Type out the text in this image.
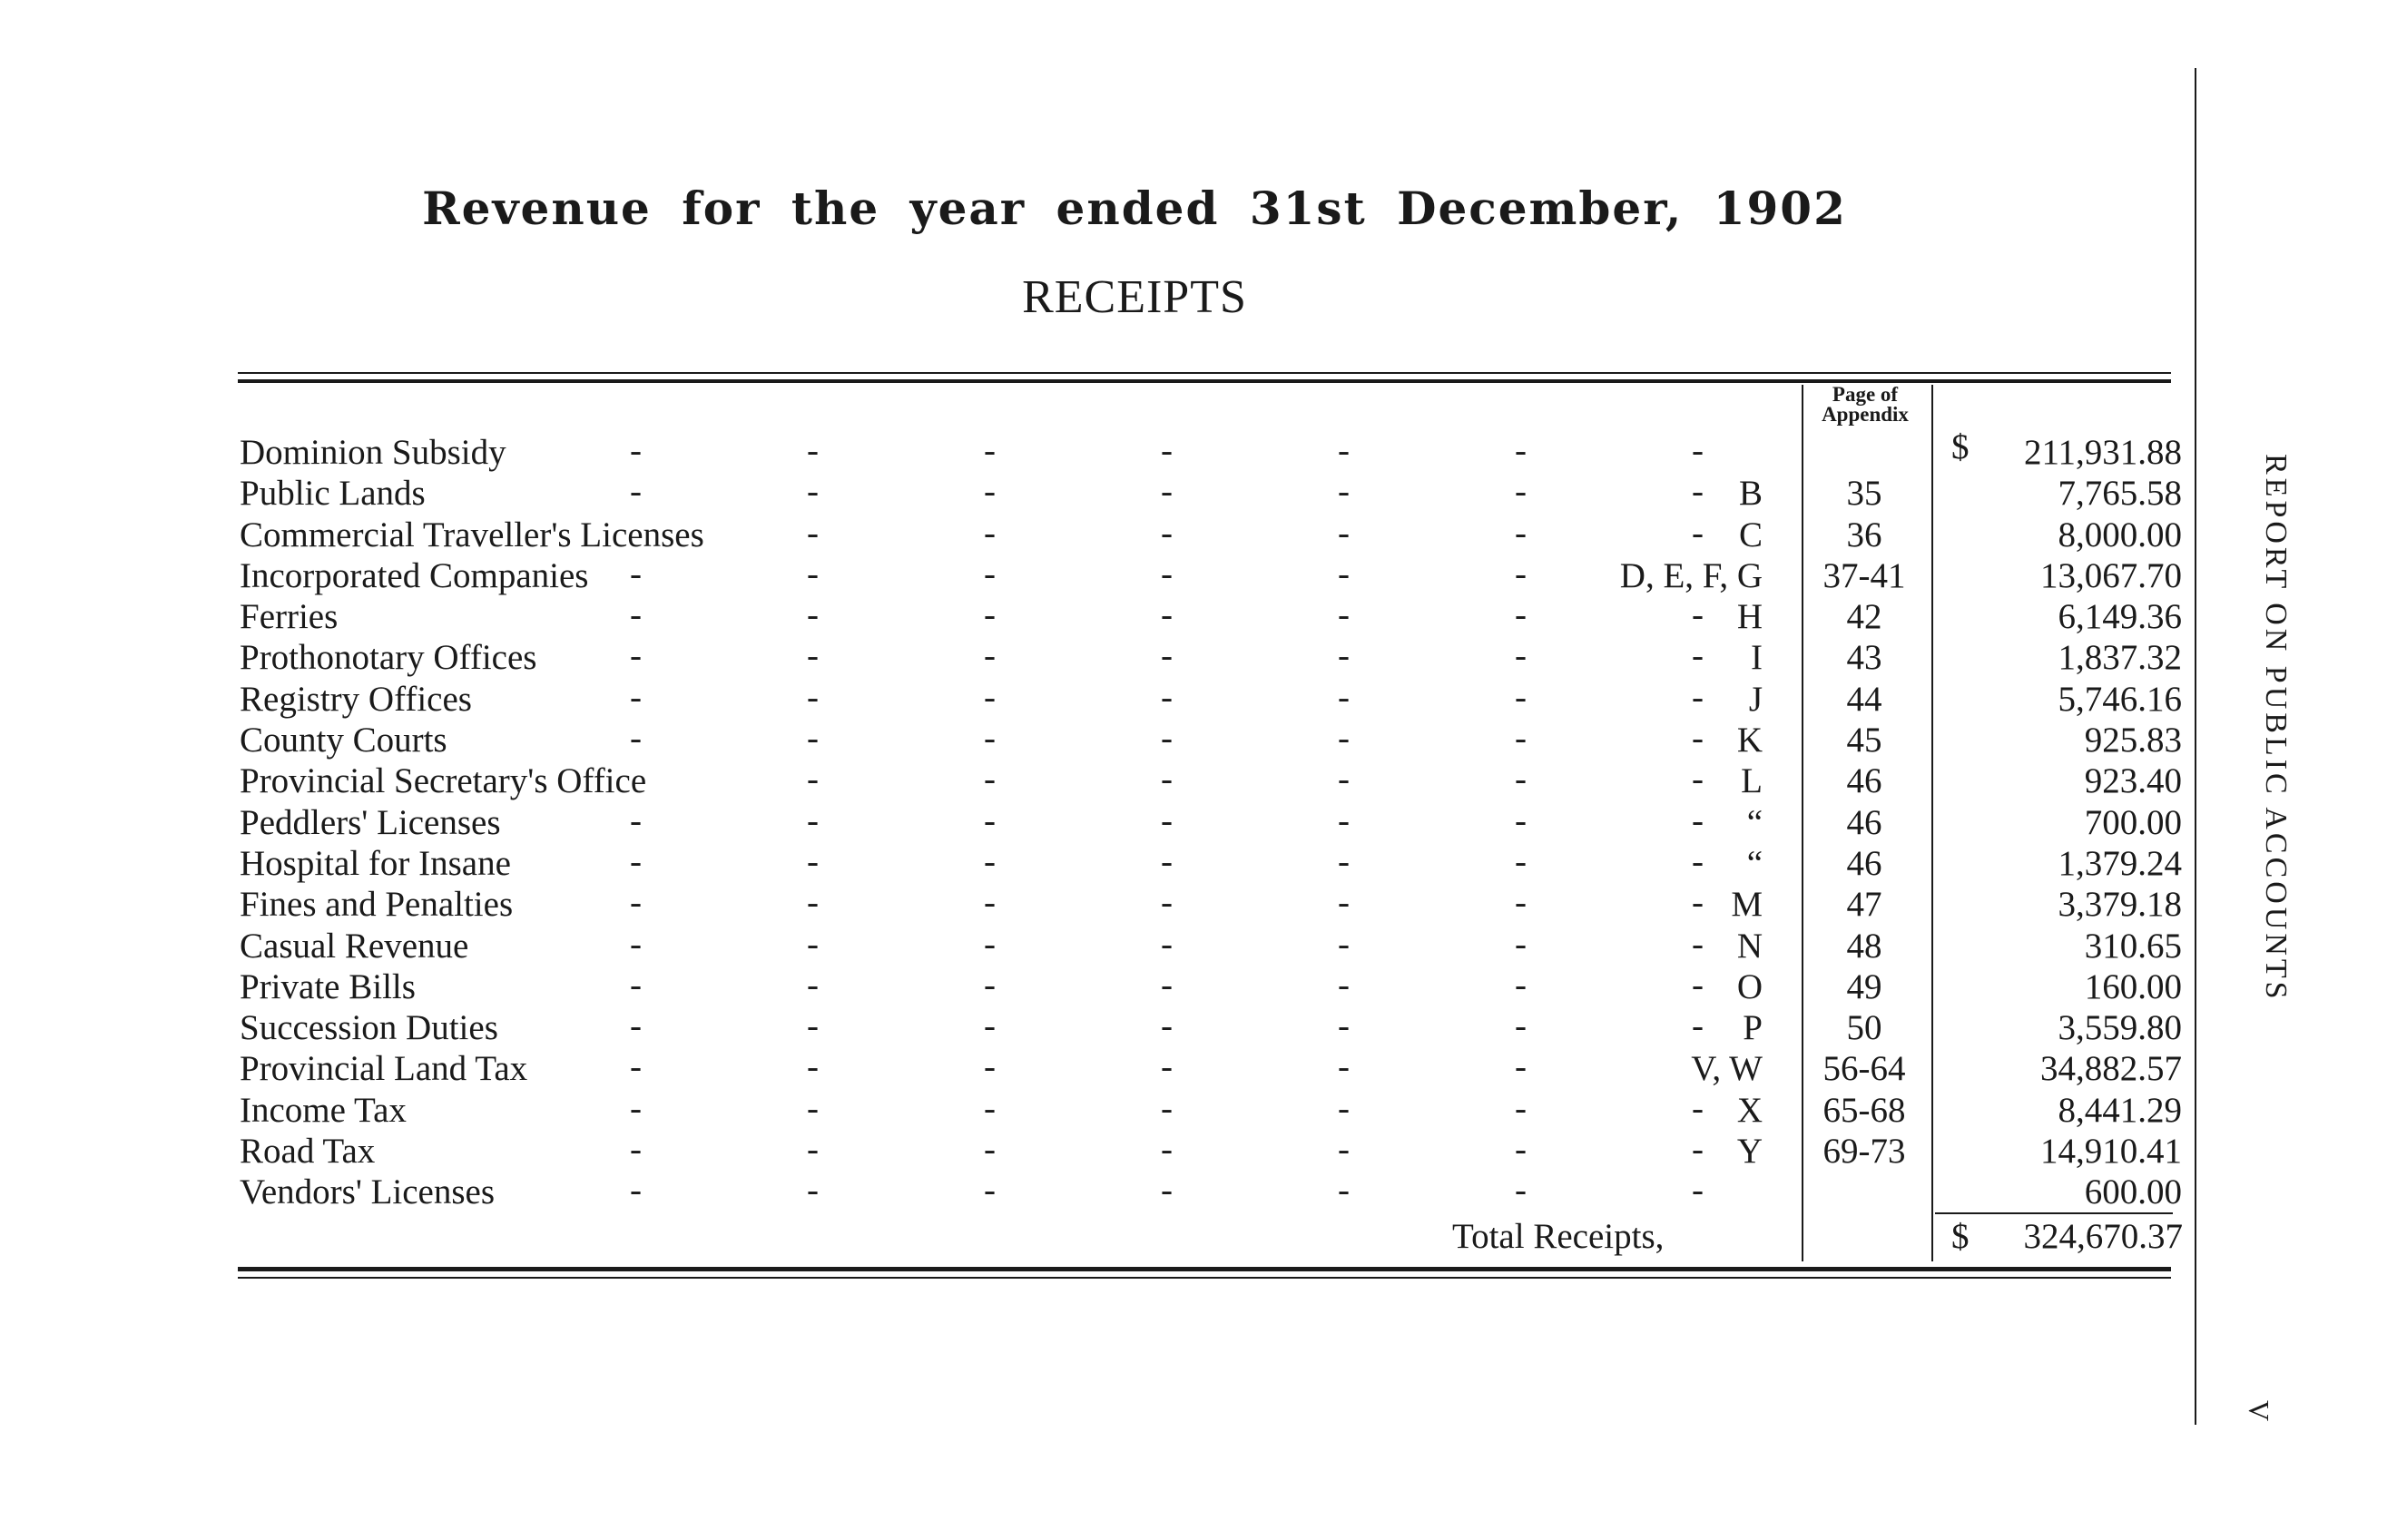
Revenue for the year ended 31st December, 1902
RECEIPTS
Page of
Appendix
$
-	-	-	-	-	-	-
Dominion Subsidy	211,931.88
-	-	-	-	-	-	-
Public Lands	B	35	7,765.58
-	-	-	-	-	-
Commercial Traveller's Licenses	C	36	8,000.00
-	-	-	-	-	-
Incorporated Companies	D, E, F, G	37-41	13,067.70
-	-	-	-	-	-	-
Ferries	H	42	6,149.36
-	-	-	-	-	-	-
Prothonotary Offices	I	43	1,837.32
-	-	-	-	-	-	-
Registry Offices	J	44	5,746.16
-	-	-	-	-	-	-
County Courts	K	45	925.83
-	-	-	-	-	-
Provincial Secretary's Office	L	46	923.40
-	-	-	-	-	-	-
Peddlers' Licenses	“	46	700.00
-	-	-	-	-	-	-
Hospital for Insane	“	46	1,379.24
-	-	-	-	-	-	-
Fines and Penalties	M	47	3,379.18
-	-	-	-	-	-	-
Casual Revenue	N	48	310.65
-	-	-	-	-	-	-
Private Bills	O	49	160.00
-	-	-	-	-	-	-
Succession Duties	P	50	3,559.80
-	-	-	-	-	-
Provincial Land Tax	V, W	56-64	34,882.57
-	-	-	-	-	-	-
Income Tax	X	65-68	8,441.29
-	-	-	-	-	-	-
Road Tax	Y	69-73	14,910.41
-	-	-	-	-	-	-
Vendors' Licenses	600.00
Total Receipts,	$ 324,670.37
REPORT ON PUBLIC ACCOUNTS
V
